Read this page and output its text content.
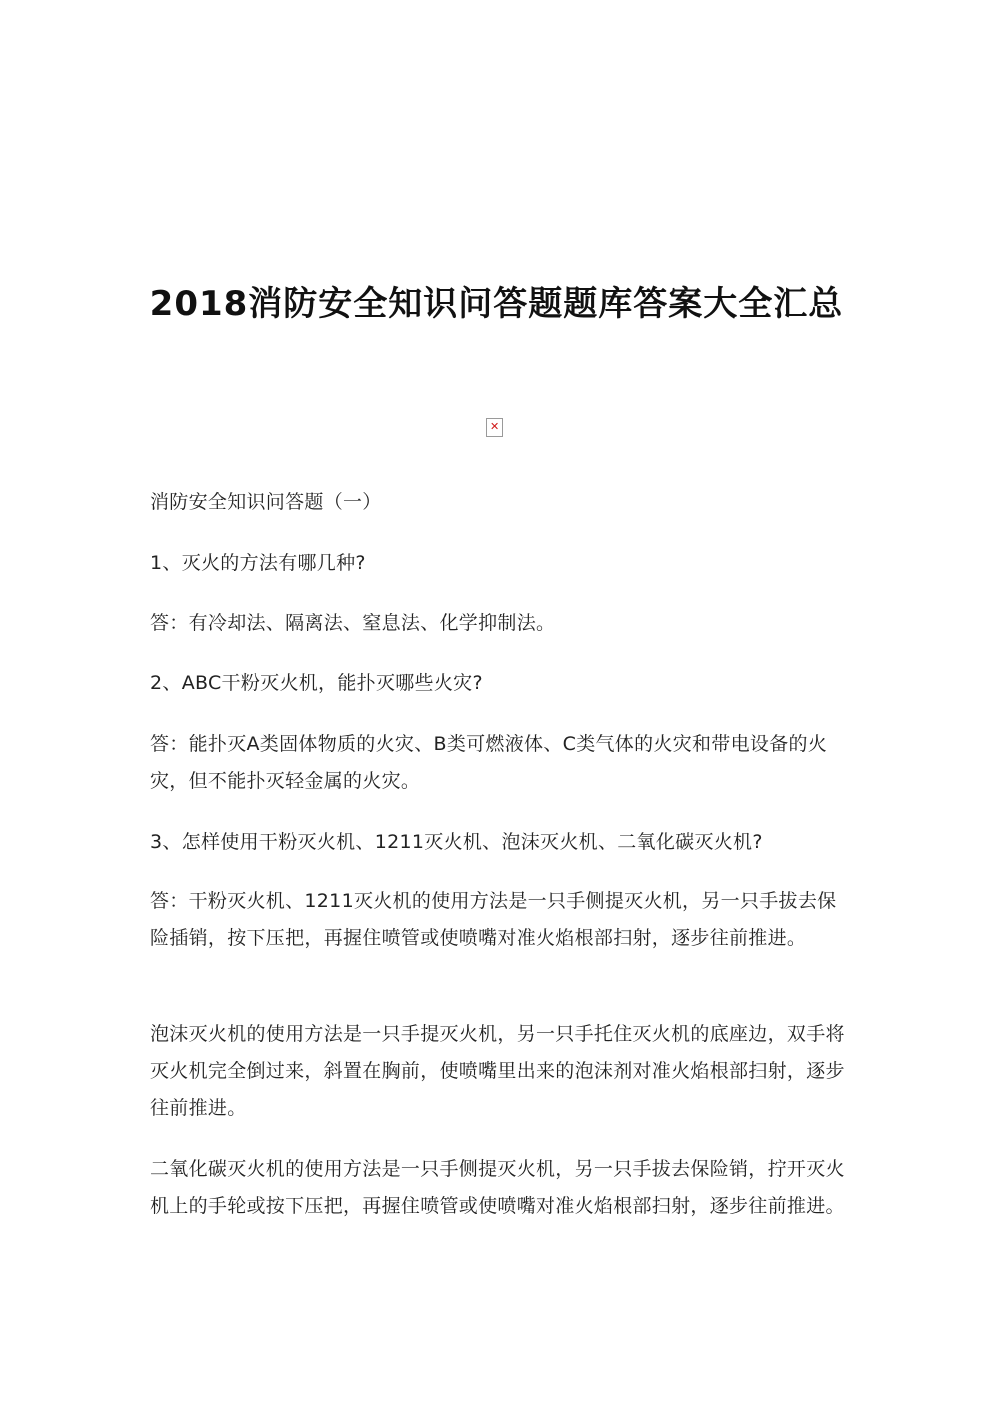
2018消防安全知识问答题题库答案大全汇总
✕

消防安全知识问答题（一）

1、灭火的方法有哪几种?

答：有冷却法、隔离法、窒息法、化学抑制法。

2、ABC干粉灭火机，能扑灭哪些火灾?

答：能扑灭A类固体物质的火灾、B类可燃液体、C类气体的火灾和带电设备的火灾，但不能扑灭轻金属的火灾。

3、怎样使用干粉灭火机、1211灭火机、泡沫灭火机、二氧化碳灭火机?

答：干粉灭火机、1211灭火机的使用方法是一只手侧提灭火机，另一只手拔去保险插销，按下压把，再握住喷管或使喷嘴对准火焰根部扫射，逐步往前推进。

泡沫灭火机的使用方法是一只手提灭火机，另一只手托住灭火机的底座边，双手将灭火机完全倒过来，斜置在胸前，使喷嘴里出来的泡沫剂对准火焰根部扫射，逐步往前推进。

二氧化碳灭火机的使用方法是一只手侧提灭火机，另一只手拔去保险销，拧开灭火机上的手轮或按下压把，再握住喷管或使喷嘴对准火焰根部扫射，逐步往前推进。
